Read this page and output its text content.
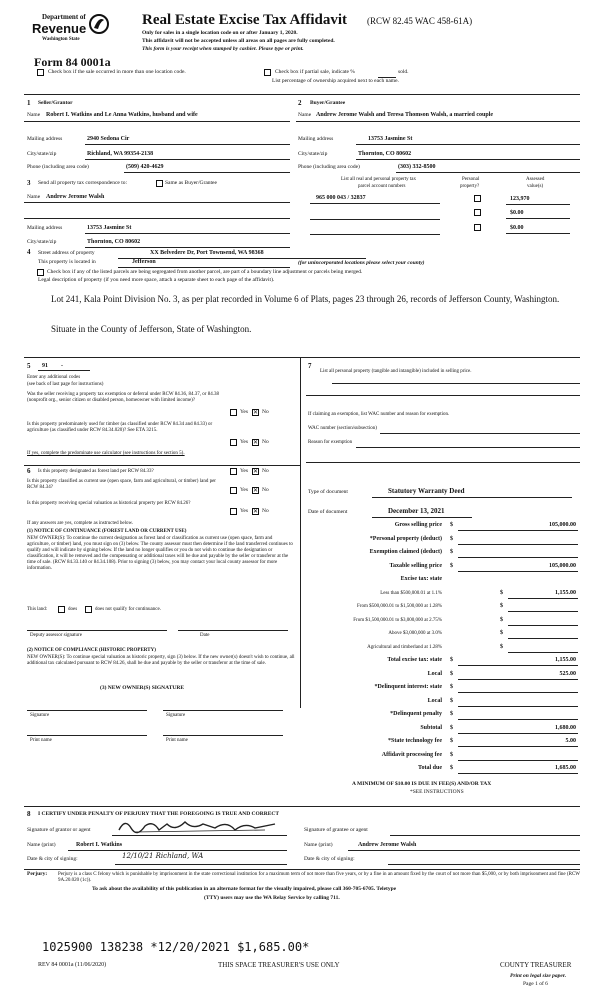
Department of
Revenue
Washington State
Real Estate Excise Tax Affidavit (RCW 82.45 WAC 458-61A)
Only for sales in a single location code on or after January 1, 2020.
This affidavit will not be accepted unless all areas on all pages are fully completed.
This form is your receipt when stamped by cashier. Please type or print.
Form 84 0001a
Check box if the sale occurred in more than one location code.	Check box if partial sale, indicate %	sold.
List percentage of ownership acquired next to each name.
1 Seller/Grantor
Name Robert I. Watkins and Le Anna Watkins, husband and wife
Mailing address	2940 Sedona Cir
City/state/zip	Richland, WA 99354-2138
Phone (including area code)	(509) 420-4629
2 Buyer/Grantee
Name Andrew Jerome Walsh and Teresa Thomson Walsh, a married couple
Mailing address	13753 Jasmine St
City/state/zip	Thornton, CO 80602
Phone (including area code)	(303) 332-8500
3 Send all property tax correspondence to:	Same as Buyer/Grantee
Name Andrew Jerome Walsh
Mailing address	13753 Jasmine St
City/state/zip	Thornton, CO 80602
List all real and personal property tax
parcel account numbers
Personal
property?
Assessed
value(s)
965 000 043 / 32837	123,970
$0.00
$0.00
4 Street address of property	XX Belvedere Dr, Port Townsend, WA 98368
This property is located in	Jefferson	(for unincorporated locations please select your county)
Check box if any of the listed parcels are being segregated from another parcel, are part of a boundary line adjustment or parcels being merged.
Legal description of property (if you need more space, attach a separate sheet to each page of the affidavit).
Lot 241, Kala Point Division No. 3, as per plat recorded in Volume 6 of Plats, pages 23 through 26, records of Jefferson County, Washington.
Situate in the County of Jefferson, State of Washington.
5 91 -
Enter any additional codes
(see back of last page for instructions)
Was the seller receiving a property tax exemption or deferral under RCW 84.36, 84.37, or 84.38 (nonprofit org., senior citizen or disabled person, homeowner with limited income)?
Yes ✕ No
Is this property predominately used for timber (as classified under RCW 84.34 and 84.33) or agriculture (as classified under RCW 84.34.020)? See ETA 3215.
Yes ✕ No
If yes, complete the predominate use calculator (see instructions for section 5).
6 Is this property designated as forest land per RCW 84.33?	Yes ✕ No
Is this property classified as current use (open space, farm and agricultural, or timber) land per RCW 84.34?	Yes ✕ No
Is this property receiving special valuation as historical property per RCW 84.26?
Yes ✕ No
If any answers are yes, complete as instructed below.
(1) NOTICE OF CONTINUANCE (FOREST LAND OR CURRENT USE)
NEW OWNER(S): To continue the current designation as forest land or classification as current use (open space, farm and agriculture, or timber) land, you must sign on (3) below. The county assessor must then determine if the land transferred continues to qualify and will indicate by signing below. If the land no longer qualifies or you do not wish to continue the designation or classification, it will be removed and the compensating or additional taxes will be due and payable by the seller or transferor at the time of sale. (RCW 84.33.140 or 84.34.108). Prior to signing (3) below, you may contact your local county assessor for more information.
This land:	does	does not qualify for continuance.
Deputy assessor signature	Date
(2) NOTICE OF COMPLIANCE (HISTORIC PROPERTY)
NEW OWNER(S): To continue special valuation as historic property, sign (3) below. If the new owner(s) doesn't wish to continue, all additional tax calculated pursuant to RCW 84.26, shall be due and payable by the seller or transferor at the time of sale.
(3) NEW OWNER(S) SIGNATURE
Signature	Signature
Print name	Print name
7
List all personal property (tangible and intangible) included in selling price.
If claiming an exemption, list WAC number and reason for exemption.
WAC number (section/subsection)
Reason for exemption
Type of document	Statutory Warranty Deed
Date of document	December 13, 2021
Gross selling price $	105,000.00
*Personal property (deduct) $
Exemption claimed (deduct) $
Taxable selling price $	105,000.00
Excise tax: state
Less than $500,000.01 at 1.1%	$	1,155.00
From $500,000.01 to $1,500,000 at 1.28%	$
From $1,500,000.01 to $3,000,000 at 2.75%	$
Above $3,000,000 at 3.0%	$
Agricultural and timberland at 1.28%	$
Total excise tax: state $	1,155.00
Local $	525.00
*Delinquent interest: state $
Local $
*Delinquent penalty $
Subtotal $	1,680.00
*State technology fee $	5.00
Affidavit processing fee $
Total due $	1,685.00
A MINIMUM OF $10.00 IS DUE IN FEE(S) AND/OR TAX
*SEE INSTRUCTIONS
8 I CERTIFY UNDER PENALTY OF PERJURY THAT THE FOREGOING IS TRUE AND CORRECT
Signature of grantor or agent	Signature of grantee or agent
Name (print)	Robert I. Watkins	Name (print)	Andrew Jerome Walsh
Date & city of signing:	12/10/21 Richland, WA	Date & city of signing:
Perjury: Perjury is a class C felony which is punishable by imprisonment in the state correctional institution for a maximum term of not more than five years, or by a fine in an amount fixed by the court of not more than $5,000, or by both imprisonment and fine (RCW 9A.20.020 (1c)).
To ask about the availability of this publication in an alternate format for the visually impaired, please call 360-705-6705. Teletype
(TTY) users may use the WA Relay Service by calling 711.
1025900 138238 *12/20/2021 $1,685.00*
REV 84 0001a (11/06/2020)	THIS SPACE TREASURER'S USE ONLY	COUNTY TREASURER
Print on legal size paper.
Page 1 of 6
